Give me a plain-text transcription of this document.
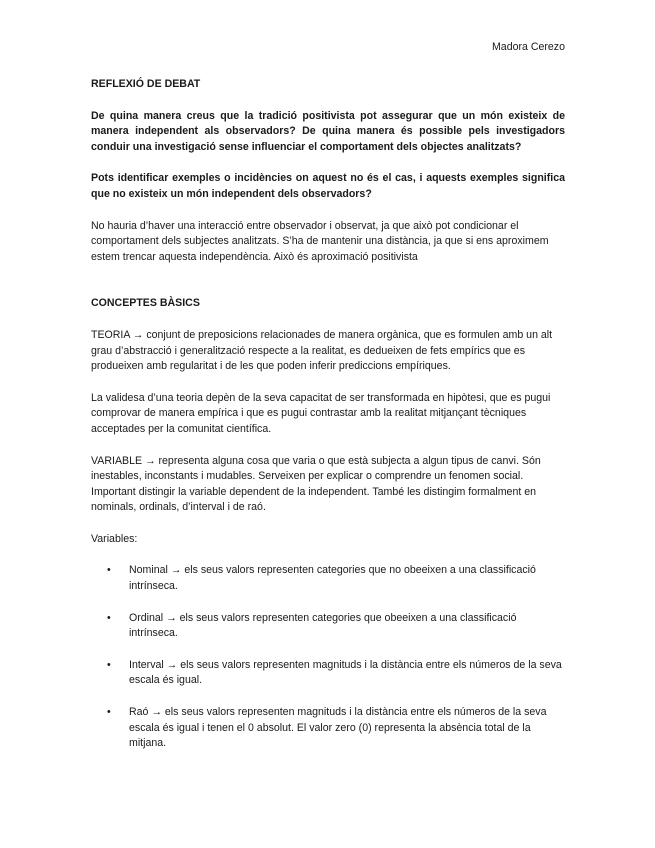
Madora Cerezo
REFLEXIÓ DE DEBAT

De quina manera creus que la tradició positivista pot assegurar que un món existeix de manera independent als observadors? De quina manera és possible pels investigadors conduir una investigació sense influenciar el comportament dels objectes analitzats?

Pots identificar exemples o incidències on aquest no és el cas, i aquests exemples significa que no existeix un món independent dels observadors?

No hauria d’haver una interacció entre observador i observat, ja que això pot condicionar el comportament dels subjectes analitzats. S’ha de mantenir una distància, ja que si ens aproximem estem trencar aquesta independència. Això és aproximació positivista

CONCEPTES BÀSICS

TEORIA → conjunt de preposicions relacionades de manera orgànica, que es formulen amb un alt grau d’abstracció i generalització respecte a la realitat, es dedueixen de fets empírics que es produeixen amb regularitat i de les que poden inferir prediccions empíriques.

La validesa d’una teoria depèn de la seva capacitat de ser transformada en hipòtesi, que es pugui comprovar de manera empírica i que es pugui contrastar amb la realitat mitjançant tècniques acceptades per la comunitat científica.

VARIABLE → representa alguna cosa que varia o que està subjecta a algun tipus de canvi. Són inestables, inconstants i mudables. Serveixen per explicar o comprendre un fenomen social. Important distingir la variable dependent de la independent. També les distingim formalment en nominals, ordinals, d’interval i de raó.

Variables:

• Nominal → els seus valors representen categories que no obeeixen a una classificació intrínseca.
• Ordinal → els seus valors representen categories que obeeixen a una classificació intrínseca.
• Interval → els seus valors representen magnituds i la distància entre els números de la seva escala és igual.
• Raó → els seus valors representen magnituds i la distància entre els números de la seva escala és igual i tenen el 0 absolut. El valor zero (0) representa la absència total de la mitjana.
